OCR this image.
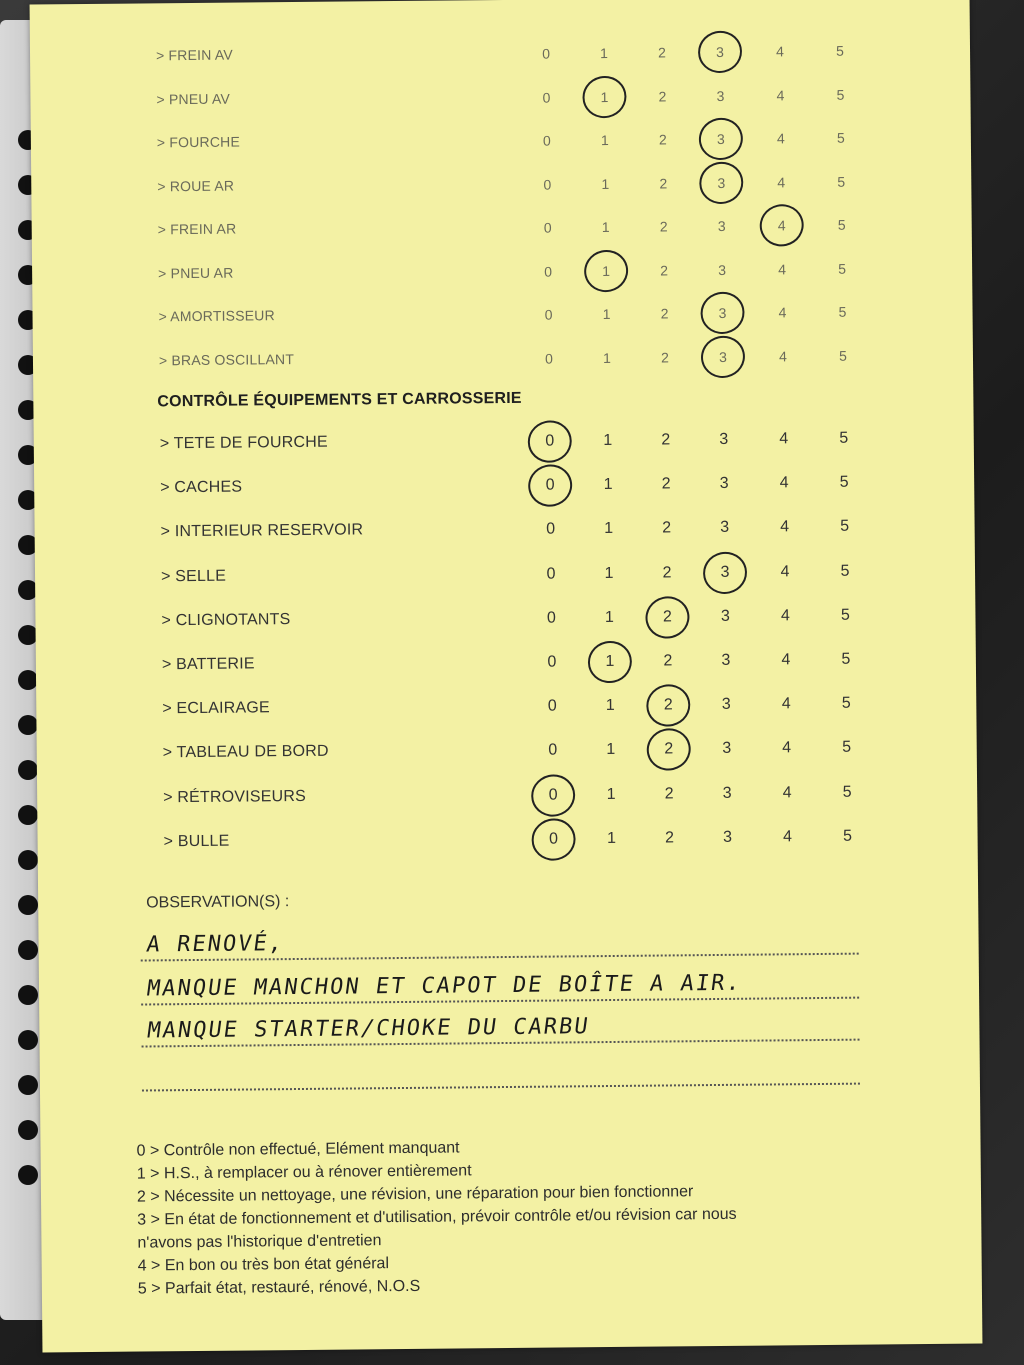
> FREIN AV	0	1	2	3	4	5
> PNEU AV	0	1	2	3	4	5
> FOURCHE	0	1	2	3	4	5
> ROUE AR	0	1	2	3	4	5
> FREIN AR	0	1	2	3	4	5
> PNEU AR	0	1	2	3	4	5
> AMORTISSEUR	0	1	2	3	4	5
> BRAS OSCILLANT	0	1	2	3	4	5
CONTRÔLE ÉQUIPEMENTS ET CARROSSERIE
> TETE DE FOURCHE	0	1	2	3	4	5
> CACHES	0	1	2	3	4	5
> INTERIEUR RESERVOIR	0	1	2	3	4	5
> SELLE	0	1	2	3	4	5
> CLIGNOTANTS	0	1	2	3	4	5
> BATTERIE	0	1	2	3	4	5
> ECLAIRAGE	0	1	2	3	4	5
> TABLEAU DE BORD	0	1	2	3	4	5
> RÉTROVISEURS	0	1	2	3	4	5
> BULLE	0	1	2	3	4	5
OBSERVATION(S) :
A RENOVÉ,
MANQUE MANCHON ET CAPOT DE BOÎTE A AIR.
MANQUE STARTER/CHOKE DU CARBU
0 > Contrôle non effectué, Elément manquant
1 > H.S., à remplacer ou à rénover entièrement
2 > Nécessite un nettoyage, une révision, une réparation pour bien fonctionner
3 > En état de fonctionnement et d'utilisation, prévoir contrôle et/ou révision car nous
n'avons pas l'historique d'entretien
4 > En bon ou très bon état général
5 > Parfait état, restauré, rénové, N.O.S
